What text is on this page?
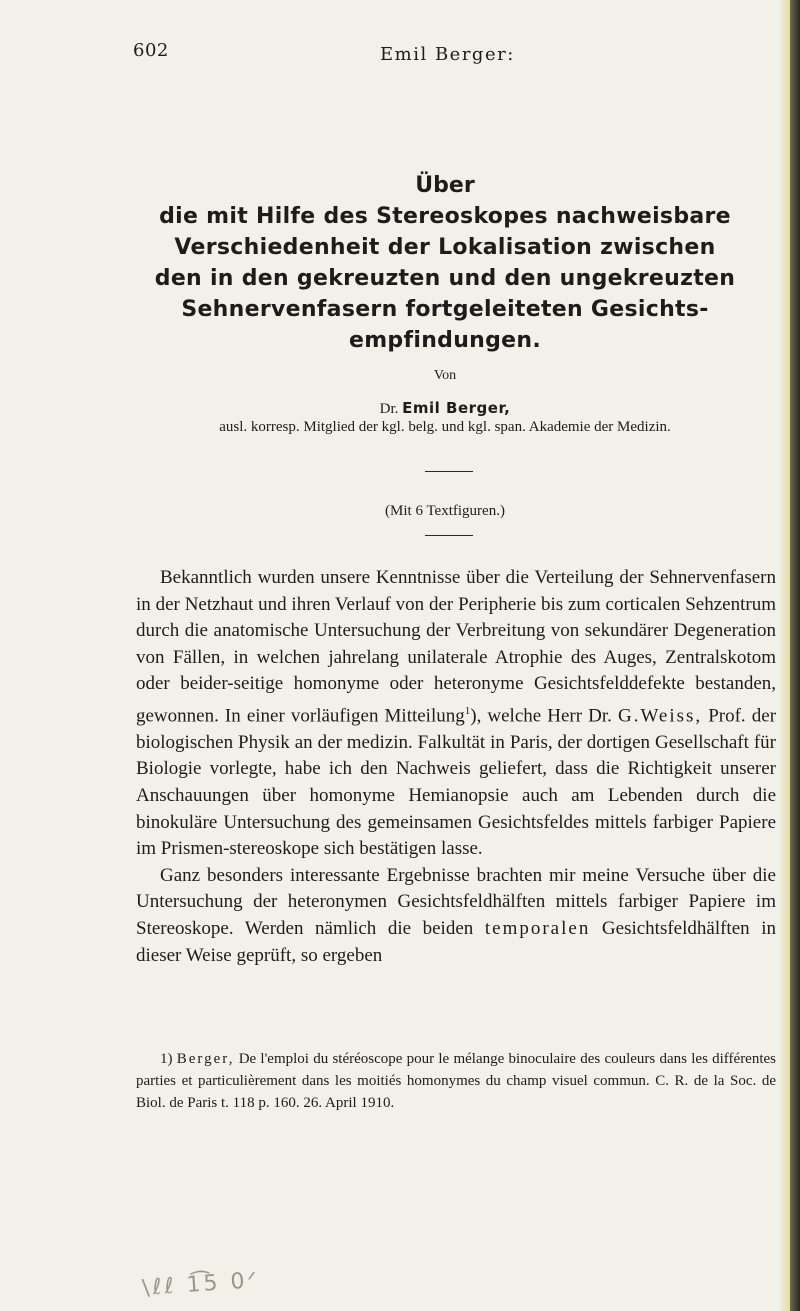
602	Emil Berger:
Über
die mit Hilfe des Stereoskopes nachweisbare
Verschiedenheit der Lokalisation zwischen
den in den gekreuzten und den ungekreuzten
Sehnervenfasern fortgeleiteten Gesichts-
empfindungen.
Von
Dr. Emil Berger,
ausl. korresp. Mitglied der kgl. belg. und kgl. span. Akademie der Medizin.
(Mit 6 Textfiguren.)

Bekanntlich wurden unsere Kenntnisse über die Verteilung der Sehnervenfasern in der Netzhaut und ihren Verlauf von der Peripherie bis zum corticalen Sehzentrum durch die anatomische Untersuchung der Verbreitung von sekundärer Degeneration von Fällen, in welchen jahrelang unilaterale Atrophie des Auges, Zentralskotom oder beider-seitige homonyme oder heteronyme Gesichtsfelddefekte bestanden, gewonnen. In einer vorläufigen Mitteilung$^1$), welche Herr Dr. G.Weiss, Prof. der biologischen Physik an der medizin. Falkultät in Paris, der dortigen Gesellschaft für Biologie vorlegte, habe ich den Nachweis geliefert, dass die Richtigkeit unserer Anschauungen über homonyme Hemianopsie auch am Lebenden durch die binokuläre Untersuchung des gemeinsamen Gesichtsfeldes mittels farbiger Papiere im Prismen-stereoskope sich bestätigen lasse.

Ganz besonders interessante Ergebnisse brachten mir meine Versuche über die Untersuchung der heteronymen Gesichtsfeldhälften mittels farbiger Papiere im Stereoskope. Werden nämlich die beiden temporalen Gesichtsfeldhälften in dieser Weise geprüft, so ergeben

1) Berger, De l'emploi du stéréoscope pour le mélange binoculaire des couleurs dans les différentes parties et particulièrement dans les moitiés homonymes du champ visuel commun. C. R. de la Soc. de Biol. de Paris t. 118 p. 160. 26. April 1910.
\ℓℓ 1͡5 0ᐟ
